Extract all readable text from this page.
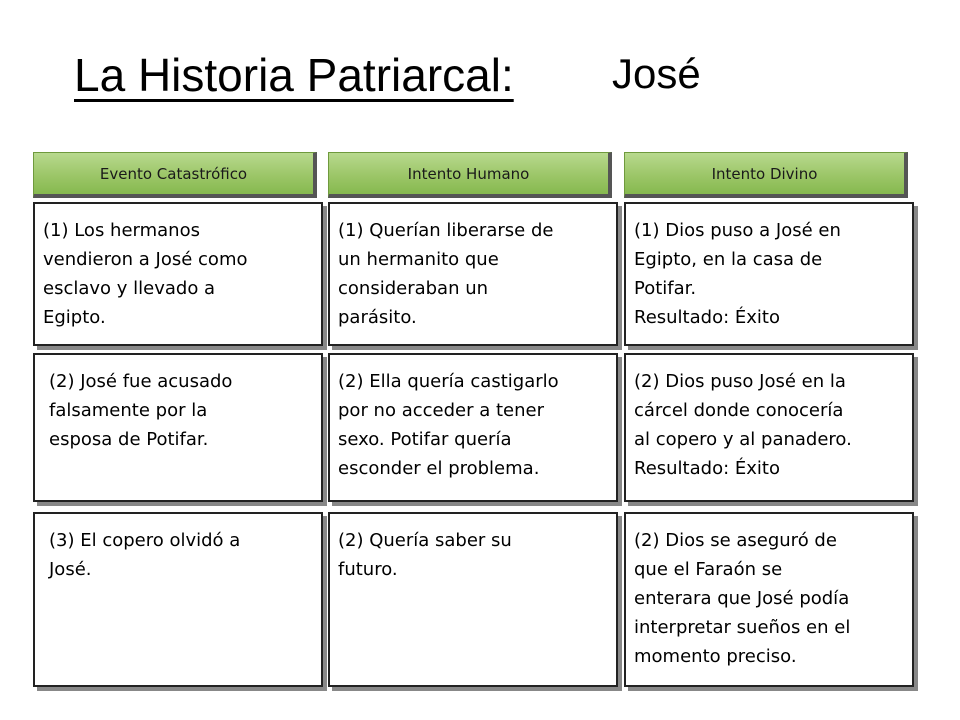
La Historia Patriarcal: José
Evento Catastrófico	Intento Humano	Intento Divino
(1) Los hermanos
vendieron a José como
esclavo y llevado a
Egipto.
(2) José fue acusado
falsamente por la
esposa de Potifar.
(3) El copero olvidó a
José.
(1) Querían liberarse de
un hermanito que
consideraban un
parásito.
(2) Ella quería castigarlo
por no acceder a tener
sexo. Potifar quería
esconder el problema.
(2) Quería saber su
futuro.
(1) Dios puso a José en
Egipto, en la casa de
Potifar.
Resultado: Éxito
(2) Dios puso José en la
cárcel donde conocería
al copero y al panadero.
Resultado: Éxito
(2) Dios se aseguró de
que el Faraón se
enterara que José podía
interpretar sueños en el
momento preciso.
